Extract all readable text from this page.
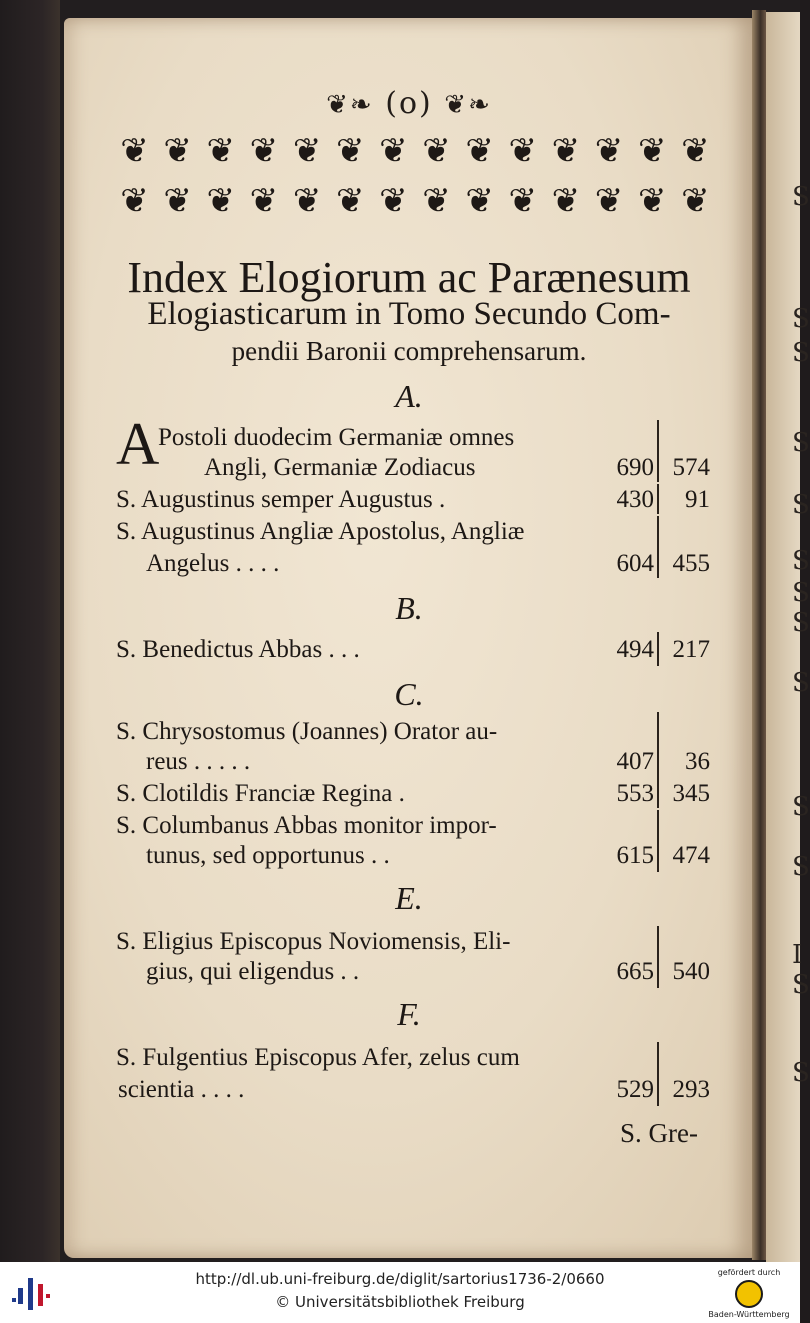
S
S
S
S
S
S
S
S
S
S
S
I
S
S
❦❧ (o) ❦❧
❦ ❦ ❦ ❦ ❦ ❦ ❦ ❦ ❦ ❦ ❦ ❦ ❦ ❦
❦ ❦ ❦ ❦ ❦ ❦ ❦ ❦ ❦ ❦ ❦ ❦ ❦ ❦
Index Elogiorum ac Parænesum
Elogiasticarum in Tomo Secundo Com-
pendii Baronii comprehensarum.
A.
B.
C.
E.
F.
A
Postoli duodecim Germaniæ omnes
Angli, Germaniæ Zodiacus	690 574
S. Augustinus semper Augustus .	430	91
S. Augustinus Angliæ Apostolus, Angliæ
Angelus . . . .	604 455
S. Benedictus Abbas . . .	494 217
S. Chrysostomus (Joannes) Orator au-
reus . . . . .	407	36
S. Clotildis Franciæ Regina .	553 345
S. Columbanus Abbas monitor impor-
tunus, sed opportunus . .	615 474
S. Eligius Episcopus Noviomensis, Eli-
gius, qui eligendus . .	665 540
S. Fulgentius Episcopus Afer, zelus cum
scientia . . . .	529 293
S. Gre-
http://dl.ub.uni-freiburg.de/diglit/sartorius1736-2/0660
© Universitätsbibliothek Freiburg
gefördert durch
Baden-Württemberg
